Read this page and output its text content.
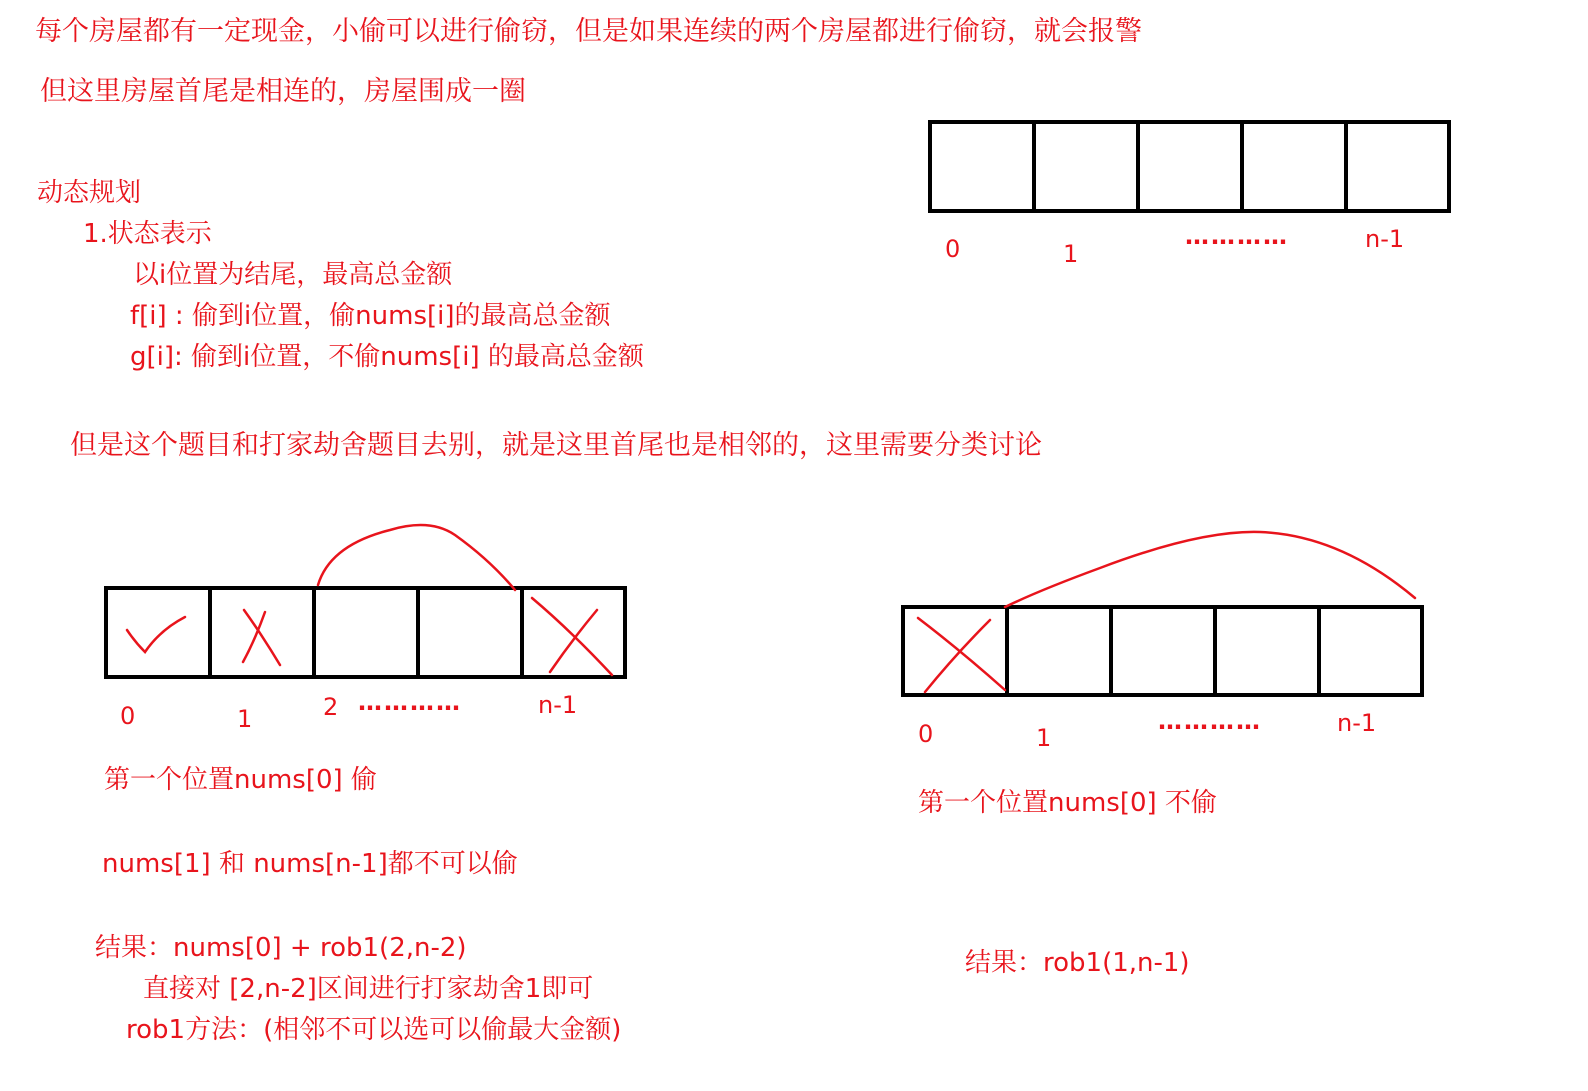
每个房屋都有一定现金，小偷可以进行偷窃，但是如果连续的两个房屋都进行偷窃，就会报警
但这里房屋首尾是相连的，房屋围成一圈
动态规划
1.状态表示
以i位置为结尾，最高总金额
f[i] : 偷到i位置，偷nums[i]的最高总金额
g[i]: 偷到i位置，不偷nums[i] 的最高总金额
但是这个题目和打家劫舍题目去别，就是这里首尾也是相邻的，这里需要分类讨论
0	1
…………	n-1
0	1	2 …………	n-1
第一个位置nums[0] 偷
nums[1] 和 nums[n-1]都不可以偷
结果：nums[0] + rob1(2,n-2)
直接对 [2,n-2]区间进行打家劫舍1即可
rob1方法：(相邻不可以选可以偷最大金额)
0	1
…………	n-1
第一个位置nums[0] 不偷
结果：rob1(1,n-1)
